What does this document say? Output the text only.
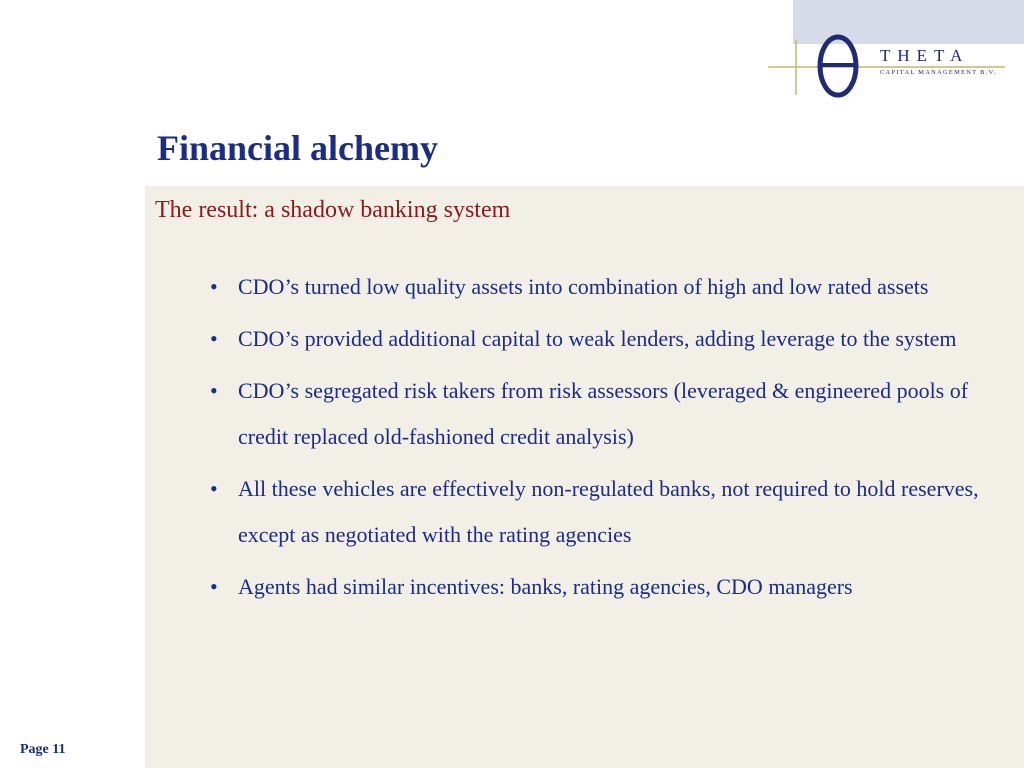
THETA
CAPITAL MANAGEMENT B.V.
Financial alchemy
The result: a shadow banking system
• CDO’s turned low quality assets into combination of high and low rated assets
• CDO’s provided additional capital to weak lenders, adding leverage to the system
• CDO’s segregated risk takers from risk assessors (leveraged & engineered pools of credit replaced old-fashioned credit analysis)
• All these vehicles are effectively non-regulated banks, not required to hold reserves, except as negotiated with the rating agencies
• Agents had similar incentives: banks, rating agencies, CDO managers
Page 11
